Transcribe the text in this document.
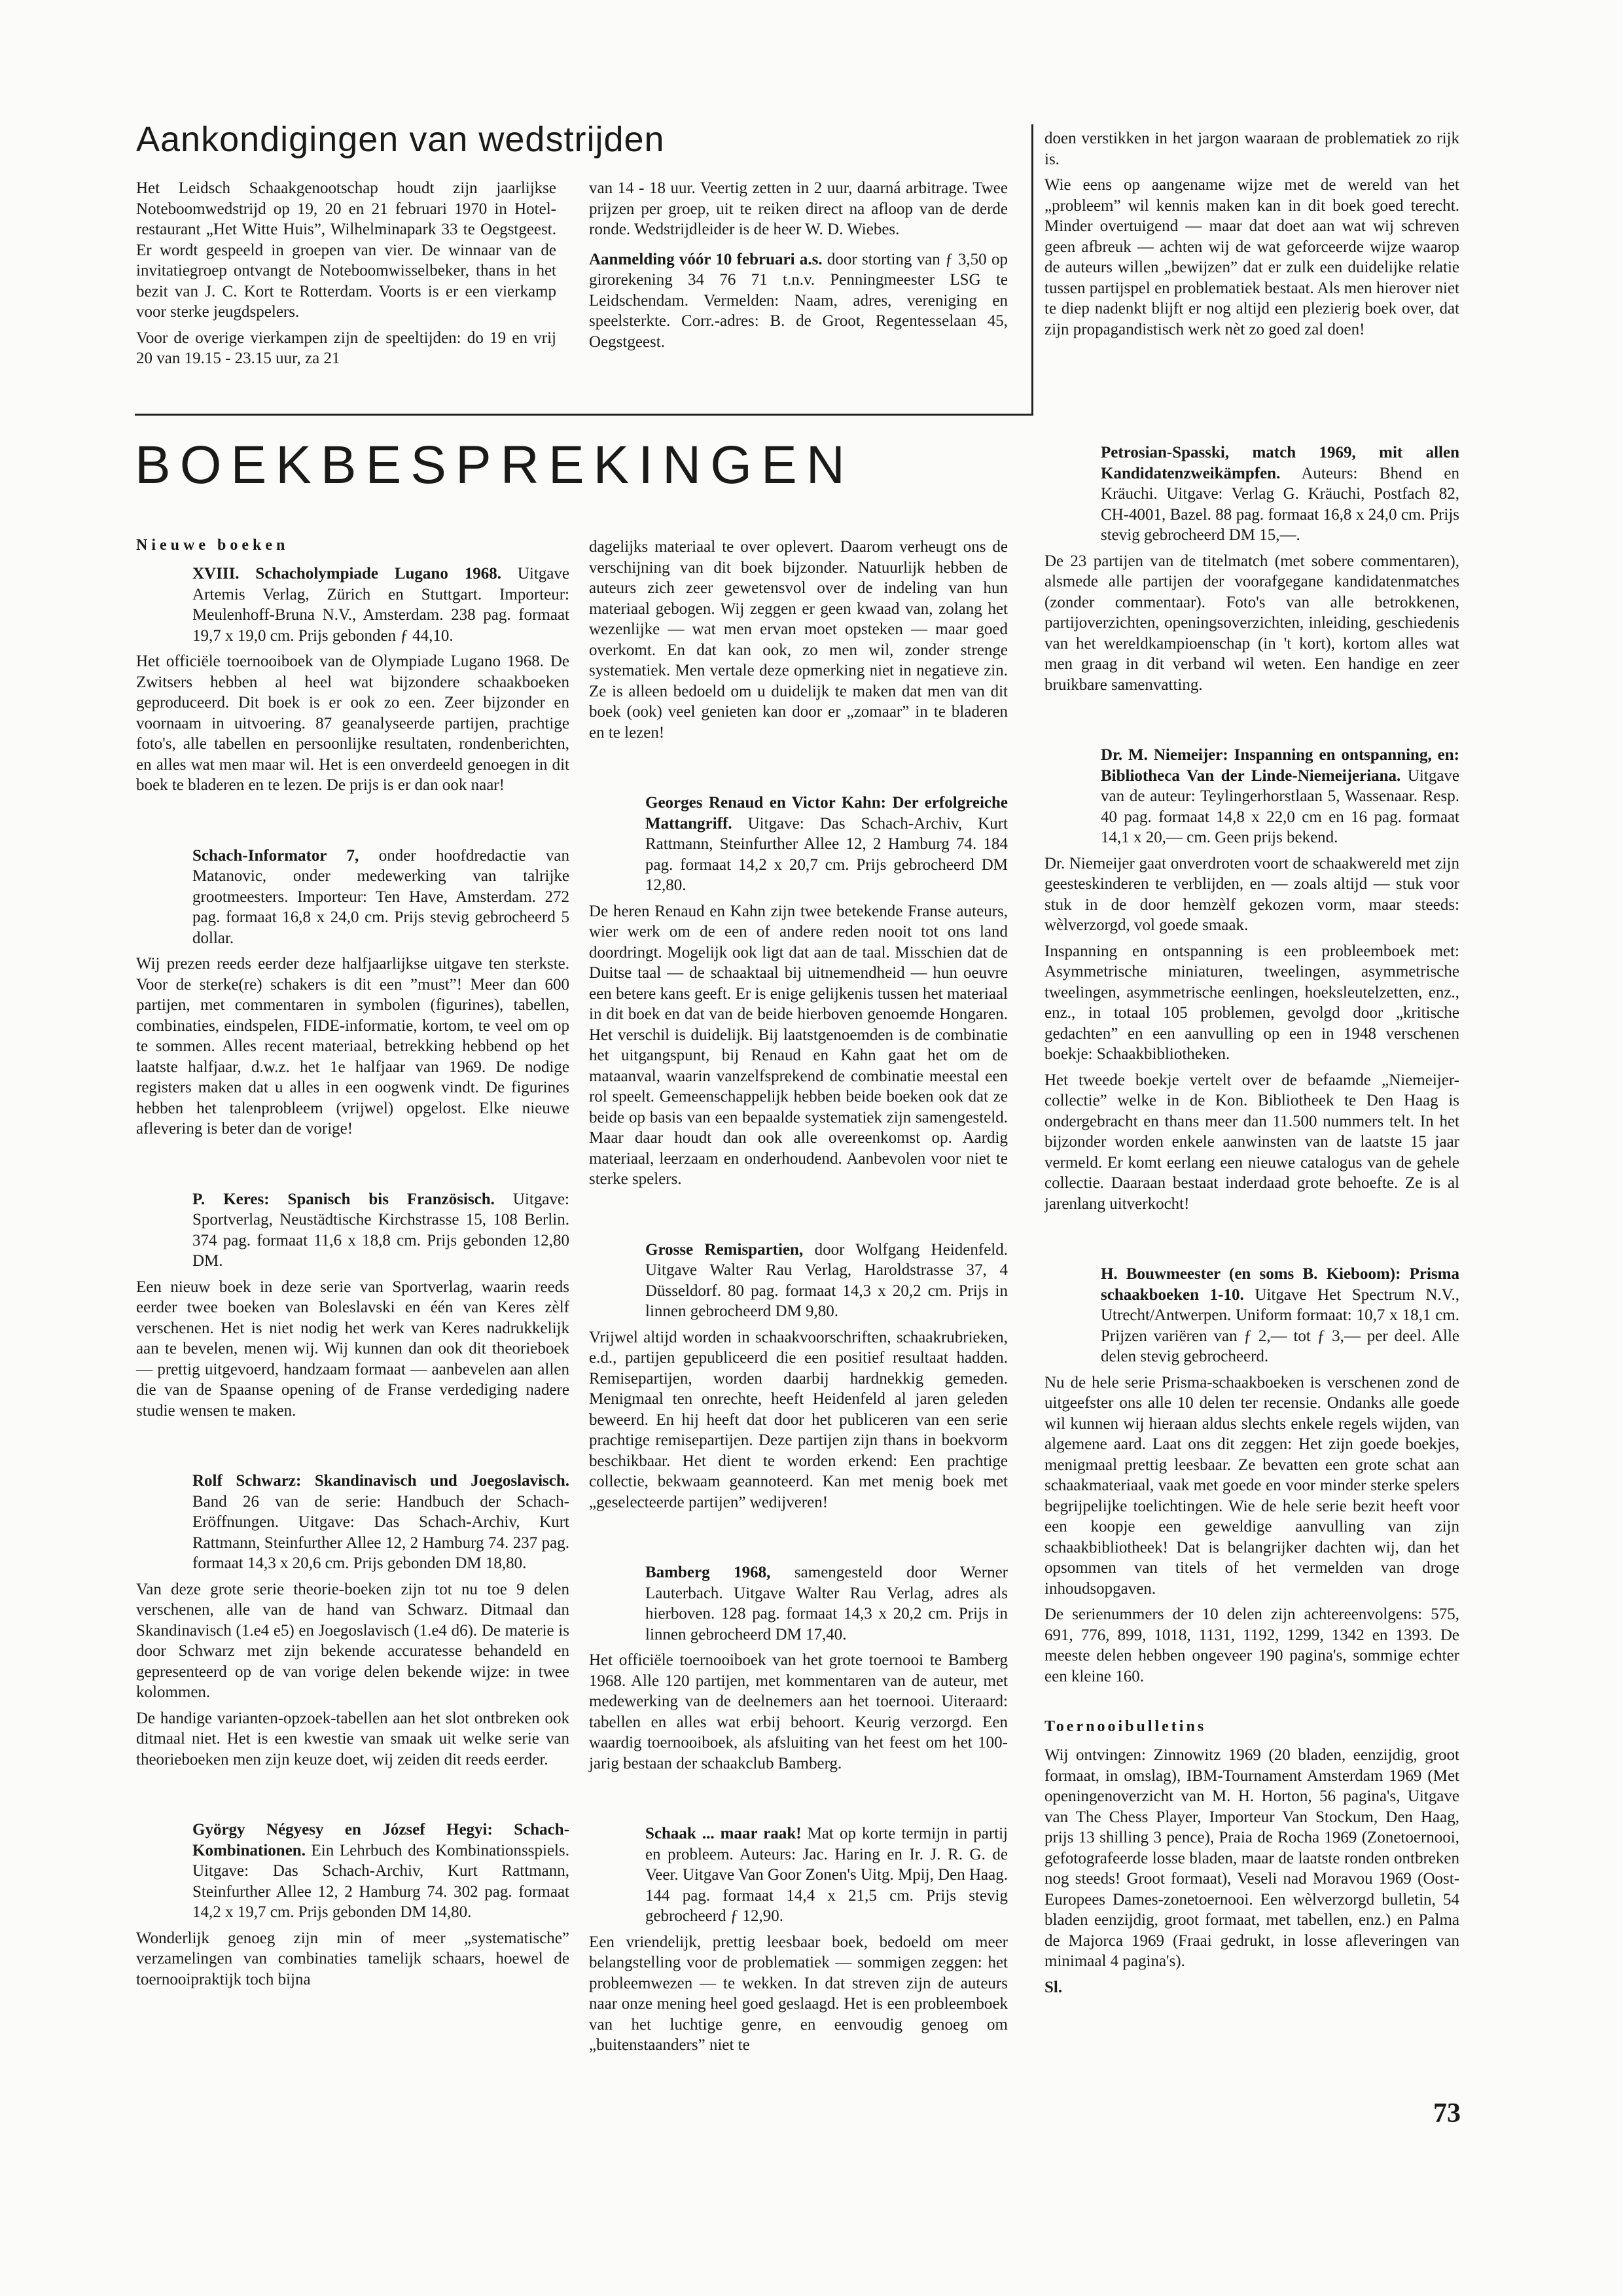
Aankondigingen van wedstrijden

Het Leidsch Schaakgenootschap houdt zijn jaarlijkse Noteboomwedstrijd op 19, 20 en 21 februari 1970 in Hotel-restaurant „Het Witte Huis”, Wilhelminapark 33 te Oegstgeest. Er wordt gespeeld in groepen van vier. De winnaar van de invitatiegroep ontvangt de Noteboomwisselbeker, thans in het bezit van J. C. Kort te Rotterdam. Voorts is er een vierkamp voor sterke jeugdspelers.

Voor de overige vierkampen zijn de speeltijden: do 19 en vrij 20 van 19.15 - 23.15 uur, za 21

van 14 - 18 uur. Veertig zetten in 2 uur, daarná arbitrage. Twee prijzen per groep, uit te reiken direct na afloop van de derde ronde. Wedstrijdleider is de heer W. D. Wiebes.

Aanmelding vóór 10 februari a.s. door storting van ƒ 3,50 op girorekening 34 76 71 t.n.v. Penningmeester LSG te Leidschendam. Vermelden: Naam, adres, vereniging en speelsterkte. Corr.-adres: B. de Groot, Regentesselaan 45, Oegstgeest.

doen verstikken in het jargon waaraan de problematiek zo rijk is.

Wie eens op aangename wijze met de wereld van het „probleem” wil kennis maken kan in dit boek goed terecht. Minder overtuigend — maar dat doet aan wat wij schreven geen afbreuk — achten wij de wat geforceerde wijze waarop de auteurs willen „bewijzen” dat er zulk een duidelijke relatie tussen partijspel en problematiek bestaat. Als men hierover niet te diep nadenkt blijft er nog altijd een plezierig boek over, dat zijn propagandistisch werk nèt zo goed zal doen!

BOEKBESPREKINGEN
Nieuwe boeken

XVIII. Schacholympiade Lugano 1968. Uitgave Artemis Verlag, Zürich en Stuttgart. Importeur: Meulenhoff-Bruna N.V., Amsterdam. 238 pag. formaat 19,7 x 19,0 cm. Prijs gebonden ƒ 44,10.

Het officiële toernooiboek van de Olympiade Lugano 1968. De Zwitsers hebben al heel wat bijzondere schaakboeken geproduceerd. Dit boek is er ook zo een. Zeer bijzonder en voornaam in uitvoering. 87 geanalyseerde partijen, prachtige foto's, alle tabellen en persoonlijke resultaten, rondenberichten, en alles wat men maar wil. Het is een onverdeeld genoegen in dit boek te bladeren en te lezen. De prijs is er dan ook naar!

Schach-Informator 7, onder hoofdredactie van Matanovic, onder medewerking van talrijke grootmeesters. Importeur: Ten Have, Amsterdam. 272 pag. formaat 16,8 x 24,0 cm. Prijs stevig gebrocheerd 5 dollar.

Wij prezen reeds eerder deze halfjaarlijkse uitgave ten sterkste. Voor de sterke(re) schakers is dit een ”must”! Meer dan 600 partijen, met commentaren in symbolen (figurines), tabellen, combinaties, eindspelen, FIDE-informatie, kortom, te veel om op te sommen. Alles recent materiaal, betrekking hebbend op het laatste halfjaar, d.w.z. het 1e halfjaar van 1969. De nodige registers maken dat u alles in een oogwenk vindt. De figurines hebben het talenprobleem (vrijwel) opgelost. Elke nieuwe aflevering is beter dan de vorige!

P. Keres: Spanisch bis Französisch. Uitgave: Sportverlag, Neustädtische Kirchstrasse 15, 108 Berlin. 374 pag. formaat 11,6 x 18,8 cm. Prijs gebonden 12,80 DM.

Een nieuw boek in deze serie van Sportverlag, waarin reeds eerder twee boeken van Boleslavski en één van Keres zèlf verschenen. Het is niet nodig het werk van Keres nadrukkelijk aan te bevelen, menen wij. Wij kunnen dan ook dit theorieboek — prettig uitgevoerd, handzaam formaat — aanbevelen aan allen die van de Spaanse opening of de Franse verdediging nadere studie wensen te maken.

Rolf Schwarz: Skandinavisch und Joegoslavisch. Band 26 van de serie: Handbuch der Schach-Eröffnungen. Uitgave: Das Schach-Archiv, Kurt Rattmann, Steinfurther Allee 12, 2 Hamburg 74. 237 pag. formaat 14,3 x 20,6 cm. Prijs gebonden DM 18,80.

Van deze grote serie theorie-boeken zijn tot nu toe 9 delen verschenen, alle van de hand van Schwarz. Ditmaal dan Skandinavisch (1.e4 e5) en Joegoslavisch (1.e4 d6). De materie is door Schwarz met zijn bekende accuratesse behandeld en gepresenteerd op de van vorige delen bekende wijze: in twee kolommen.

De handige varianten-opzoek-tabellen aan het slot ontbreken ook ditmaal niet. Het is een kwestie van smaak uit welke serie van theorieboeken men zijn keuze doet, wij zeiden dit reeds eerder.

György Négyesy en József Hegyi: Schach-Kombinationen. Ein Lehrbuch des Kombinationsspiels. Uitgave: Das Schach-Archiv, Kurt Rattmann, Steinfurther Allee 12, 2 Hamburg 74. 302 pag. formaat 14,2 x 19,7 cm. Prijs gebonden DM 14,80.

Wonderlijk genoeg zijn min of meer „systematische” verzamelingen van combinaties tamelijk schaars, hoewel de toernooipraktijk toch bijna

dagelijks materiaal te over oplevert. Daarom verheugt ons de verschijning van dit boek bijzonder. Natuurlijk hebben de auteurs zich zeer gewetensvol over de indeling van hun materiaal gebogen. Wij zeggen er geen kwaad van, zolang het wezenlijke — wat men ervan moet opsteken — maar goed overkomt. En dat kan ook, zo men wil, zonder strenge systematiek. Men vertale deze opmerking niet in negatieve zin. Ze is alleen bedoeld om u duidelijk te maken dat men van dit boek (ook) veel genieten kan door er „zomaar” in te bladeren en te lezen!

Georges Renaud en Victor Kahn: Der erfolgreiche Mattangriff. Uitgave: Das Schach-Archiv, Kurt Rattmann, Steinfurther Allee 12, 2 Hamburg 74. 184 pag. formaat 14,2 x 20,7 cm. Prijs gebrocheerd DM 12,80.

De heren Renaud en Kahn zijn twee betekende Franse auteurs, wier werk om de een of andere reden nooit tot ons land doordringt. Mogelijk ook ligt dat aan de taal. Misschien dat de Duitse taal — de schaaktaal bij uitnemendheid — hun oeuvre een betere kans geeft. Er is enige gelijkenis tussen het materiaal in dit boek en dat van de beide hierboven genoemde Hongaren. Het verschil is duidelijk. Bij laatstgenoemden is de combinatie het uitgangspunt, bij Renaud en Kahn gaat het om de mataanval, waarin vanzelfsprekend de combinatie meestal een rol speelt. Gemeenschappelijk hebben beide boeken ook dat ze beide op basis van een bepaalde systematiek zijn samengesteld. Maar daar houdt dan ook alle overeenkomst op. Aardig materiaal, leerzaam en onderhoudend. Aanbevolen voor niet te sterke spelers.

Grosse Remispartien, door Wolfgang Heidenfeld. Uitgave Walter Rau Verlag, Haroldstrasse 37, 4 Düsseldorf. 80 pag. formaat 14,3 x 20,2 cm. Prijs in linnen gebrocheerd DM 9,80.

Vrijwel altijd worden in schaakvoorschriften, schaakrubrieken, e.d., partijen gepubliceerd die een positief resultaat hadden. Remisepartijen, worden daarbij hardnekkig gemeden. Menigmaal ten onrechte, heeft Heidenfeld al jaren geleden beweerd. En hij heeft dat door het publiceren van een serie prachtige remisepartijen. Deze partijen zijn thans in boekvorm beschikbaar. Het dient te worden erkend: Een prachtige collectie, bekwaam geannoteerd. Kan met menig boek met „geselecteerde partijen” wedijveren!

Bamberg 1968, samengesteld door Werner Lauterbach. Uitgave Walter Rau Verlag, adres als hierboven. 128 pag. formaat 14,3 x 20,2 cm. Prijs in linnen gebrocheerd DM 17,40.

Het officiële toernooiboek van het grote toernooi te Bamberg 1968. Alle 120 partijen, met kommentaren van de auteur, met medewerking van de deelnemers aan het toernooi. Uiteraard: tabellen en alles wat erbij behoort. Keurig verzorgd. Een waardig toernooiboek, als afsluiting van het feest om het 100-jarig bestaan der schaakclub Bamberg.

Schaak ... maar raak! Mat op korte termijn in partij en probleem. Auteurs: Jac. Haring en Ir. J. R. G. de Veer. Uitgave Van Goor Zonen's Uitg. Mpij, Den Haag. 144 pag. formaat 14,4 x 21,5 cm. Prijs stevig gebrocheerd ƒ 12,90.

Een vriendelijk, prettig leesbaar boek, bedoeld om meer belangstelling voor de problematiek — sommigen zeggen: het probleemwezen — te wekken. In dat streven zijn de auteurs naar onze mening heel goed geslaagd. Het is een probleemboek van het luchtige genre, en eenvoudig genoeg om „buitenstaanders” niet te

Petrosian-Spasski, match 1969, mit allen Kandidatenzweikämpfen. Auteurs: Bhend en Kräuchi. Uitgave: Verlag G. Kräuchi, Postfach 82, CH-4001, Bazel. 88 pag. formaat 16,8 x 24,0 cm. Prijs stevig gebrocheerd DM 15,—.

De 23 partijen van de titelmatch (met sobere commentaren), alsmede alle partijen der voorafgegane kandidatenmatches (zonder commentaar). Foto's van alle betrokkenen, partijoverzichten, openingsoverzichten, inleiding, geschiedenis van het wereldkampioenschap (in 't kort), kortom alles wat men graag in dit verband wil weten. Een handige en zeer bruikbare samenvatting.

Dr. M. Niemeijer: Inspanning en ontspanning, en: Bibliotheca Van der Linde-Niemeijeriana. Uitgave van de auteur: Teylingerhorstlaan 5, Wassenaar. Resp. 40 pag. formaat 14,8 x 22,0 cm en 16 pag. formaat 14,1 x 20,— cm. Geen prijs bekend.

Dr. Niemeijer gaat onverdroten voort de schaakwereld met zijn geesteskinderen te verblijden, en — zoals altijd — stuk voor stuk in de door hemzèlf gekozen vorm, maar steeds: wèlverzorgd, vol goede smaak.

Inspanning en ontspanning is een probleemboek met: Asymmetrische miniaturen, tweelingen, asymmetrische tweelingen, asymmetrische eenlingen, hoeksleutelzetten, enz., enz., in totaal 105 problemen, gevolgd door „kritische gedachten” en een aanvulling op een in 1948 verschenen boekje: Schaakbibliotheken.

Het tweede boekje vertelt over de befaamde „Niemeijer-collectie” welke in de Kon. Bibliotheek te Den Haag is ondergebracht en thans meer dan 11.500 nummers telt. In het bijzonder worden enkele aanwinsten van de laatste 15 jaar vermeld. Er komt eerlang een nieuwe catalogus van de gehele collectie. Daaraan bestaat inderdaad grote behoefte. Ze is al jarenlang uitverkocht!

H. Bouwmeester (en soms B. Kieboom): Prisma schaakboeken 1-10. Uitgave Het Spectrum N.V., Utrecht/Antwerpen. Uniform formaat: 10,7 x 18,1 cm. Prijzen variëren van ƒ 2,— tot ƒ 3,— per deel. Alle delen stevig gebrocheerd.

Nu de hele serie Prisma-schaakboeken is verschenen zond de uitgeefster ons alle 10 delen ter recensie. Ondanks alle goede wil kunnen wij hieraan aldus slechts enkele regels wijden, van algemene aard. Laat ons dit zeggen: Het zijn goede boekjes, menigmaal prettig leesbaar. Ze bevatten een grote schat aan schaakmateriaal, vaak met goede en voor minder sterke spelers begrijpelijke toelichtingen. Wie de hele serie bezit heeft voor een koopje een geweldige aanvulling van zijn schaakbibliotheek! Dat is belangrijker dachten wij, dan het opsommen van titels of het vermelden van droge inhoudsopgaven.

De serienummers der 10 delen zijn achtereenvolgens: 575, 691, 776, 899, 1018, 1131, 1192, 1299, 1342 en 1393. De meeste delen hebben ongeveer 190 pagina's, sommige echter een kleine 160.

Toernooibulletins

Wij ontvingen: Zinnowitz 1969 (20 bladen, eenzijdig, groot formaat, in omslag), IBM-Tournament Amsterdam 1969 (Met openingenoverzicht van M. H. Horton, 56 pagina's, Uitgave van The Chess Player, Importeur Van Stockum, Den Haag, prijs 13 shilling 3 pence), Praia de Rocha 1969 (Zonetoernooi, gefotografeerde losse bladen, maar de laatste ronden ontbreken nog steeds! Groot formaat), Veseli nad Moravou 1969 (Oost-Europees Dames-zonetoernooi. Een wèlverzorgd bulletin, 54 bladen eenzijdig, groot formaat, met tabellen, enz.) en Palma de Majorca 1969 (Fraai gedrukt, in losse afleveringen van minimaal 4 pagina's).

Sl.

73
